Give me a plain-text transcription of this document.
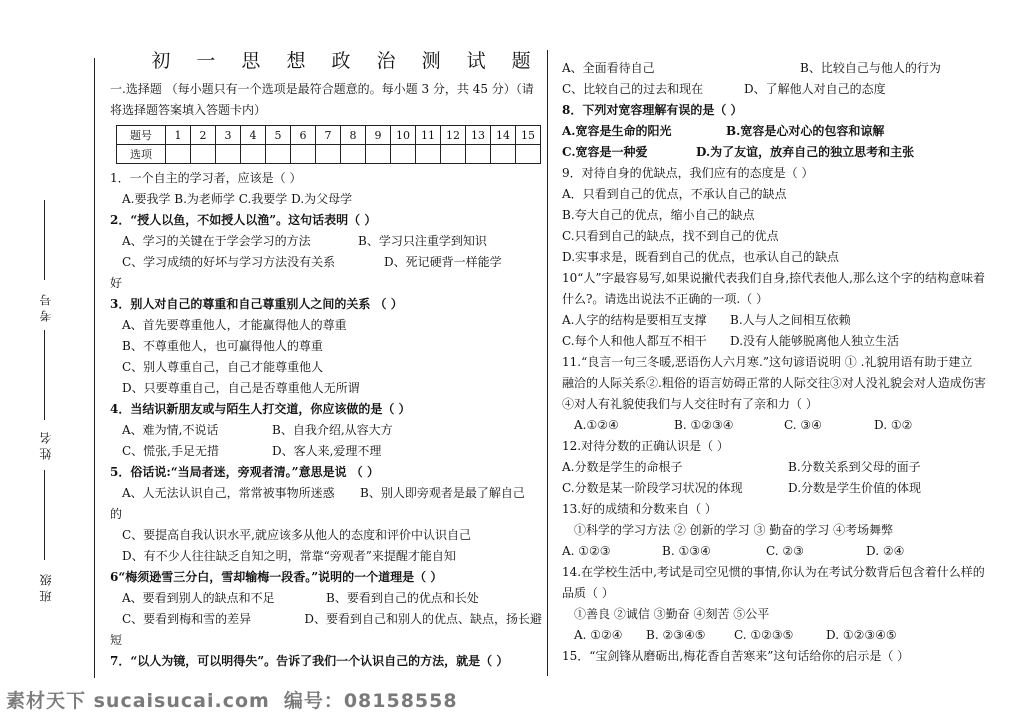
考号
姓名
班级
初 一 思 想 政 治 测 试 题
一.选择题 （每小题只有一个选项是最符合题意的。每小题 3 分，共 45 分）（请
将选择题答案填入答题卡内）
题号	1	2	3	4	5	6	7	8	9	10	11	12	13	14	15
选项															
1．一个自主的学习者，应该是（ ）
A.要我学 B.为老师学 C.我要学 D.为父母学
2．“授人以鱼，不如授人以渔”。这句话表明（ ）
A、学习的关键在于学会学习的方法	B、学习只注重学到知识
C、学习成绩的好坏与学习方法没有关系	D、死记硬背一样能学
好
3．别人对自己的尊重和自己尊重别人之间的关系 （ ）
A、首先要尊重他人，才能赢得他人的尊重
B、不尊重他人，也可赢得他人的尊重
C、别人尊重自己，自己才能尊重他人
D、只要尊重自己，自己是否尊重他人无所谓
4．当结识新朋友或与陌生人打交道，你应该做的是（ ）
A、难为情,不说话	B、自我介绍,从容大方
C、慌张,手足无措	D、客人来,爱理不理
5．俗话说:“当局者迷，旁观者清。”意思是说 （ ）
A、人无法认识自己，常常被事物所迷惑	B、别人即旁观者是最了解自己
的
C、要提高自我认识水平,就应该多从他人的态度和评价中认识自己
D、有不少人往往缺乏自知之明，常靠“旁观者”来提醒才能自知
6“梅须逊雪三分白，雪却输梅一段香。”说明的一个道理是（ ）
A、要看到别人的缺点和不足	B、要看到自己的优点和长处
C、要看到梅和雪的差异	D、要看到自己和别人的优点、缺点，扬长避
短
7．“以人为镜，可以明得失”。告诉了我们一个认识自己的方法，就是（ ）
A、全面看待自己	B、比较自己与他人的行为
C、比较自己的过去和现在	D、了解他人对自己的态度
8．下列对宽容理解有误的是（ ）
A.宽容是生命的阳光	B.宽容是心对心的包容和谅解
C.宽容是一种爱	D.为了友谊，放弃自己的独立思考和主张
9．对待自身的优缺点，我们应有的态度是（ ）
A．只看到自己的优点，不承认自己的缺点
B.夸大自己的优点，缩小自己的缺点
C.只看到自己的缺点，找不到自己的优点
D.实事求是，既看到自己的优点，也承认自己的缺点
10“人”字最容易写,如果说撇代表我们自身,捺代表他人,那么这个字的结构意味着
什么?。请选出说法不正确的一项.（ ）
A.人字的结构是要相互支撑	B.人与人之间相互依赖
C.每个人和他人都互不相干	D.没有人能够脱离他人独立生活
11.“良言一句三冬暖,恶语伤人六月寒.”这句谚语说明 ① .礼貌用语有助于建立
融洽的人际关系②.粗俗的语言妨碍正常的人际交往③对人没礼貌会对人造成伤害
④对人有礼貌使我们与人交往时有了亲和力（ ）
A.①②④	B. ①②③④	C. ③④	D. ①②
12.对待分数的正确认识是（ ）
A.分数是学生的命根子	B.分数关系到父母的面子
C.分数是某一阶段学习状况的体现	D.分数是学生价值的体现
13.好的成绩和分数来自（ ）
①科学的学习方法 ② 创新的学习 ③ 勤奋的学习 ④考场舞弊
A. ①②③	B. ①③④	C. ②③	D. ②④
14.在学校生活中,考试是司空见惯的事情,你认为在考试分数背后包含着什么样的
品质（ ）
①善良 ②诚信 ③勤奋 ④刻苦 ⑤公平
A. ①②④	B. ②③④⑤	C. ①②③⑤	D. ①②③④⑤
15．“宝剑锋从磨砺出,梅花香自苦寒来”这句话给你的启示是（ ）
素材天下 sucaisucai.com 编号：08158558
